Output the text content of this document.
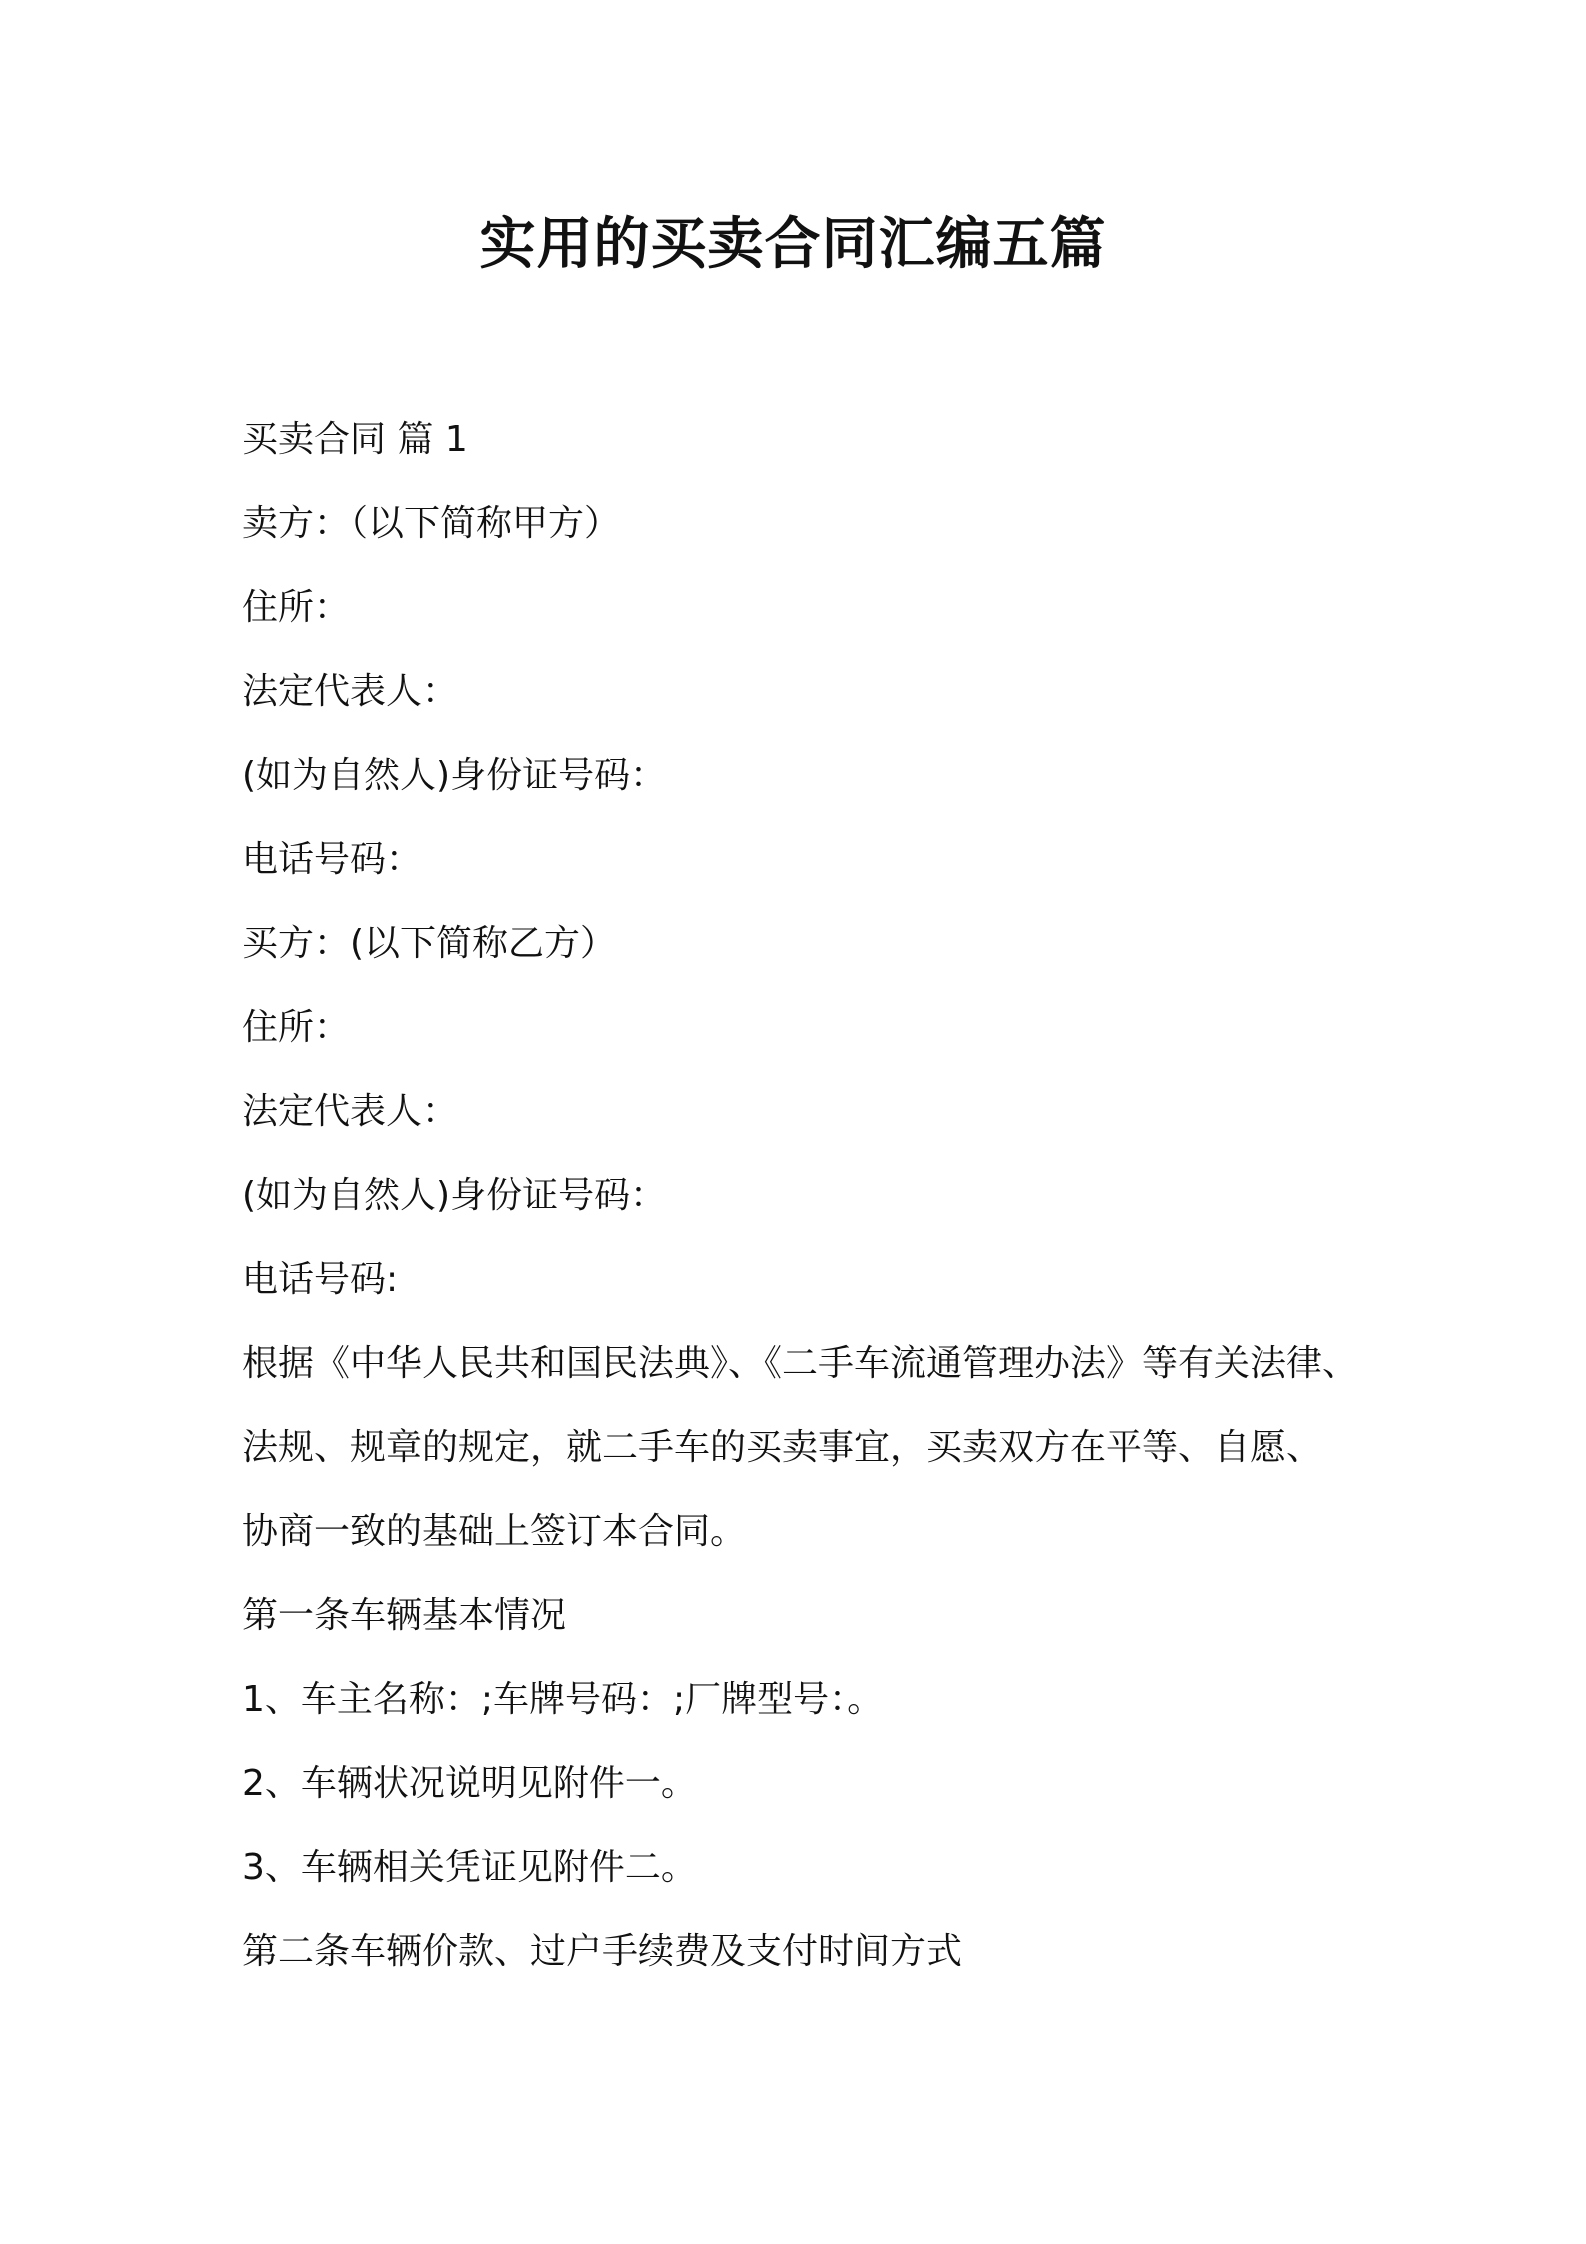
实用的买卖合同汇编五篇

买卖合同 篇 1

卖方：（以下简称甲方）

住所：

法定代表人：

(如为自然人)身份证号码：

电话号码：

买方：(以下简称乙方）

住所：

法定代表人：

(如为自然人)身份证号码：

电话号码:

根据《中华人民共和国民法典》、《二手车流通管理办法》等有关法律、

法规、规章的规定，就二手车的买卖事宜，买卖双方在平等、自愿、

协商一致的基础上签订本合同。

第一条车辆基本情况

1、车主名称：;车牌号码：;厂牌型号：。

2、车辆状况说明见附件一。

3、车辆相关凭证见附件二。

第二条车辆价款、过户手续费及支付时间方式
